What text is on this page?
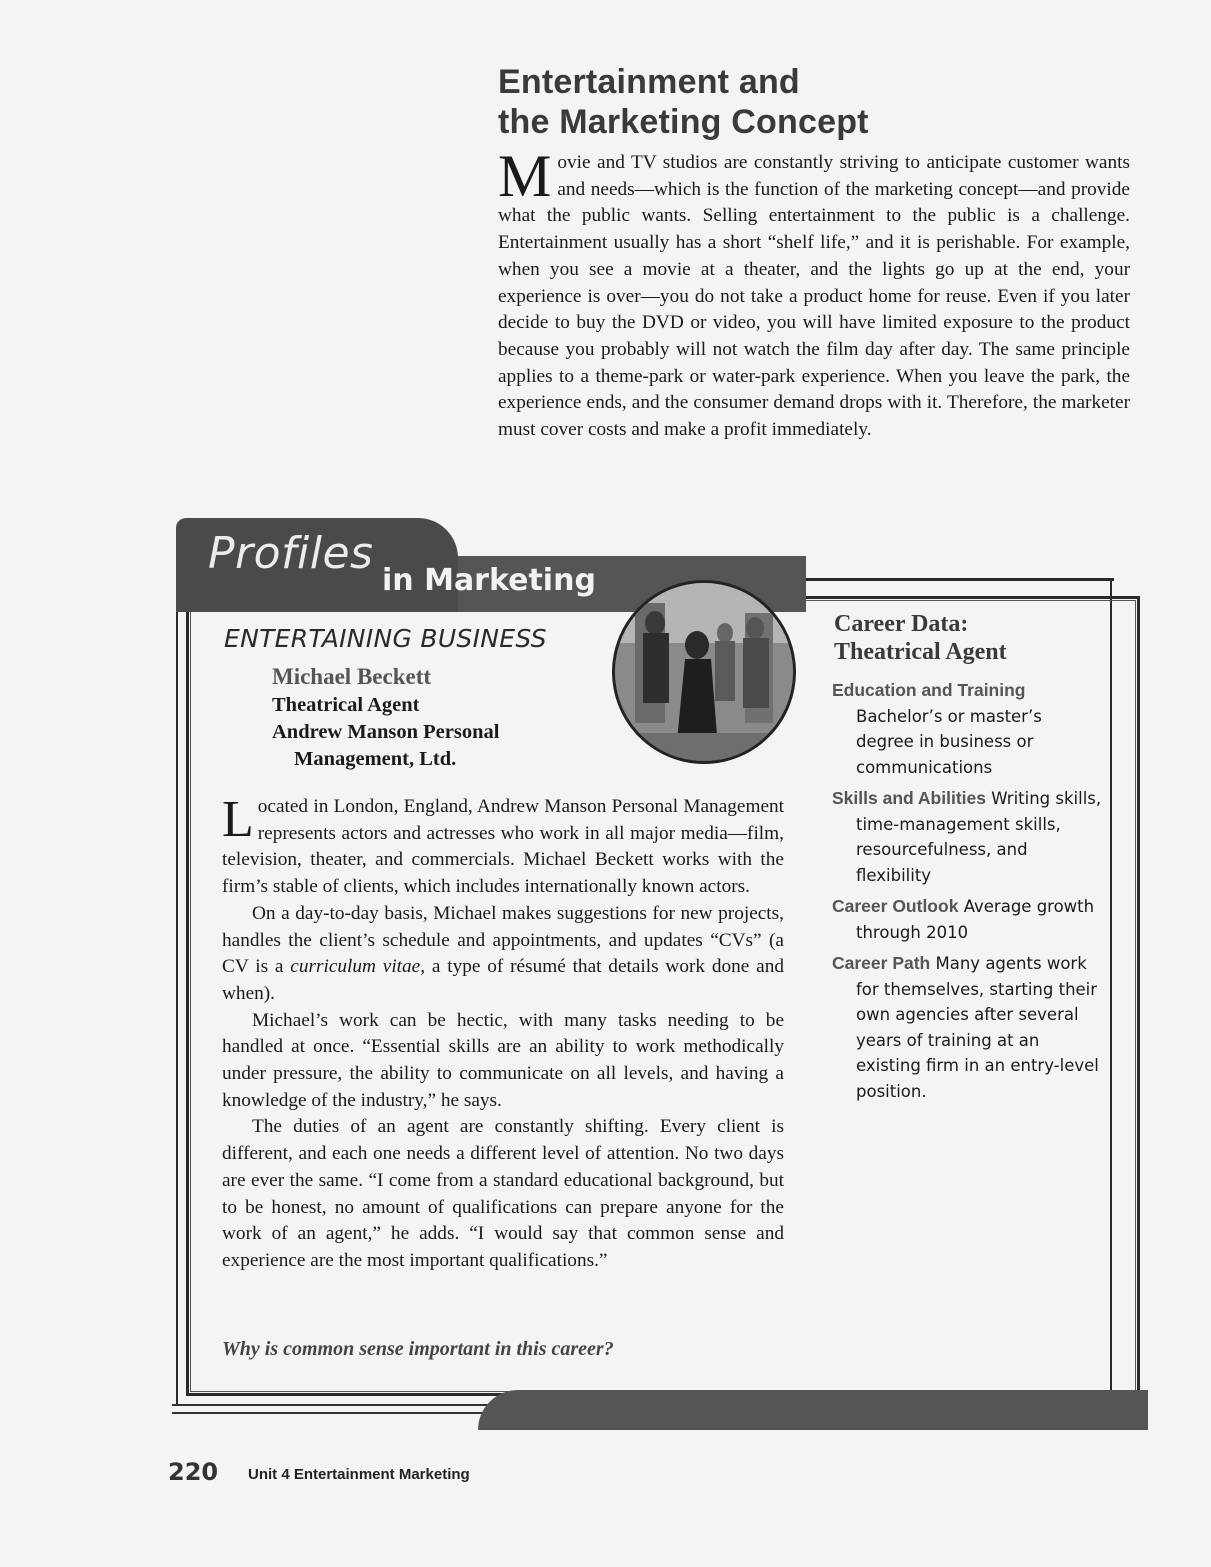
Entertainment and
the Marketing Concept
Movie and TV studios are constantly striving to anticipate customer wants and needs—which is the function of the marketing concept—and provide what the public wants. Selling entertainment to the public is a challenge. Entertainment usually has a short “shelf life,” and it is perishable. For example, when you see a movie at a theater, and the lights go up at the end, your experience is over—you do not take a product home for reuse. Even if you later decide to buy the DVD or video, you will have limited exposure to the product because you probably will not watch the film day after day. The same principle applies to a theme-park or water-park experience. When you leave the park, the experience ends, and the consumer demand drops with it. Therefore, the marketer must cover costs and make a profit immediately.
Profiles
in Marketing
ENTERTAINING BUSINESS
Michael Beckett
Theatrical Agent
Andrew Manson Personal
Management, Ltd.

Located in London, England, Andrew Manson Personal Management represents actors and actresses who work in all major media—film, television, theater, and commercials. Michael Beckett works with the firm’s stable of clients, which includes internationally known actors.

On a day-to-day basis, Michael makes suggestions for new projects, handles the client’s schedule and appointments, and updates “CVs” (a CV is a curriculum vitae, a type of résumé that details work done and when).

Michael’s work can be hectic, with many tasks needing to be handled at once. “Essential skills are an ability to work methodically under pressure, the ability to communicate on all levels, and having a knowledge of the industry,” he says.

The duties of an agent are constantly shifting. Every client is different, and each one needs a different level of attention. No two days are ever the same. “I come from a standard educational background, but to be honest, no amount of qualifications can prepare anyone for the work of an agent,” he adds. “I would say that common sense and experience are the most important qualifications.”

Why is common sense important in this career?
Career Data:
Theatrical Agent
Education and Training
Bachelor’s or master’s degree in business or communications
Skills and Abilities Writing skills, time-management skills, resourcefulness, and flexibility
Career Outlook Average growth through 2010
Career Path Many agents work for themselves, starting their own agencies after several years of training at an existing firm in an entry-level position.
220 Unit 4 Entertainment Marketing
